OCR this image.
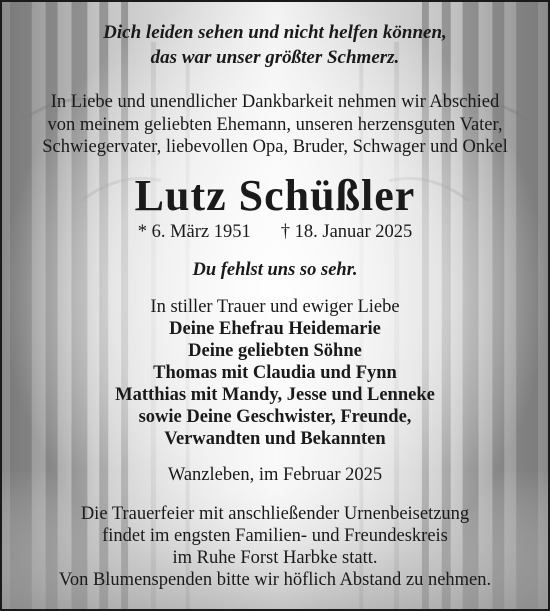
Dich leiden sehen und nicht helfen können,
das war unser größter Schmerz.
In Liebe und unendlicher Dankbarkeit nehmen wir Abschied
von meinem geliebten Ehemann, unseren herzensguten Vater,
Schwiegervater, liebevollen Opa, Bruder, Schwager und Onkel
Lutz Schüßler
* 6. März 1951 † 18. Januar 2025
Du fehlst uns so sehr.
In stiller Trauer und ewiger Liebe
Deine Ehefrau Heidemarie
Deine geliebten Söhne
Thomas mit Claudia und Fynn
Matthias mit Mandy, Jesse und Lenneke
sowie Deine Geschwister, Freunde,
Verwandten und Bekannten
Wanzleben, im Februar 2025
Die Trauerfeier mit anschließender Urnenbeisetzung
findet im engsten Familien- und Freundeskreis
im Ruhe Forst Harbke statt.
Von Blumenspenden bitte wir höflich Abstand zu nehmen.
